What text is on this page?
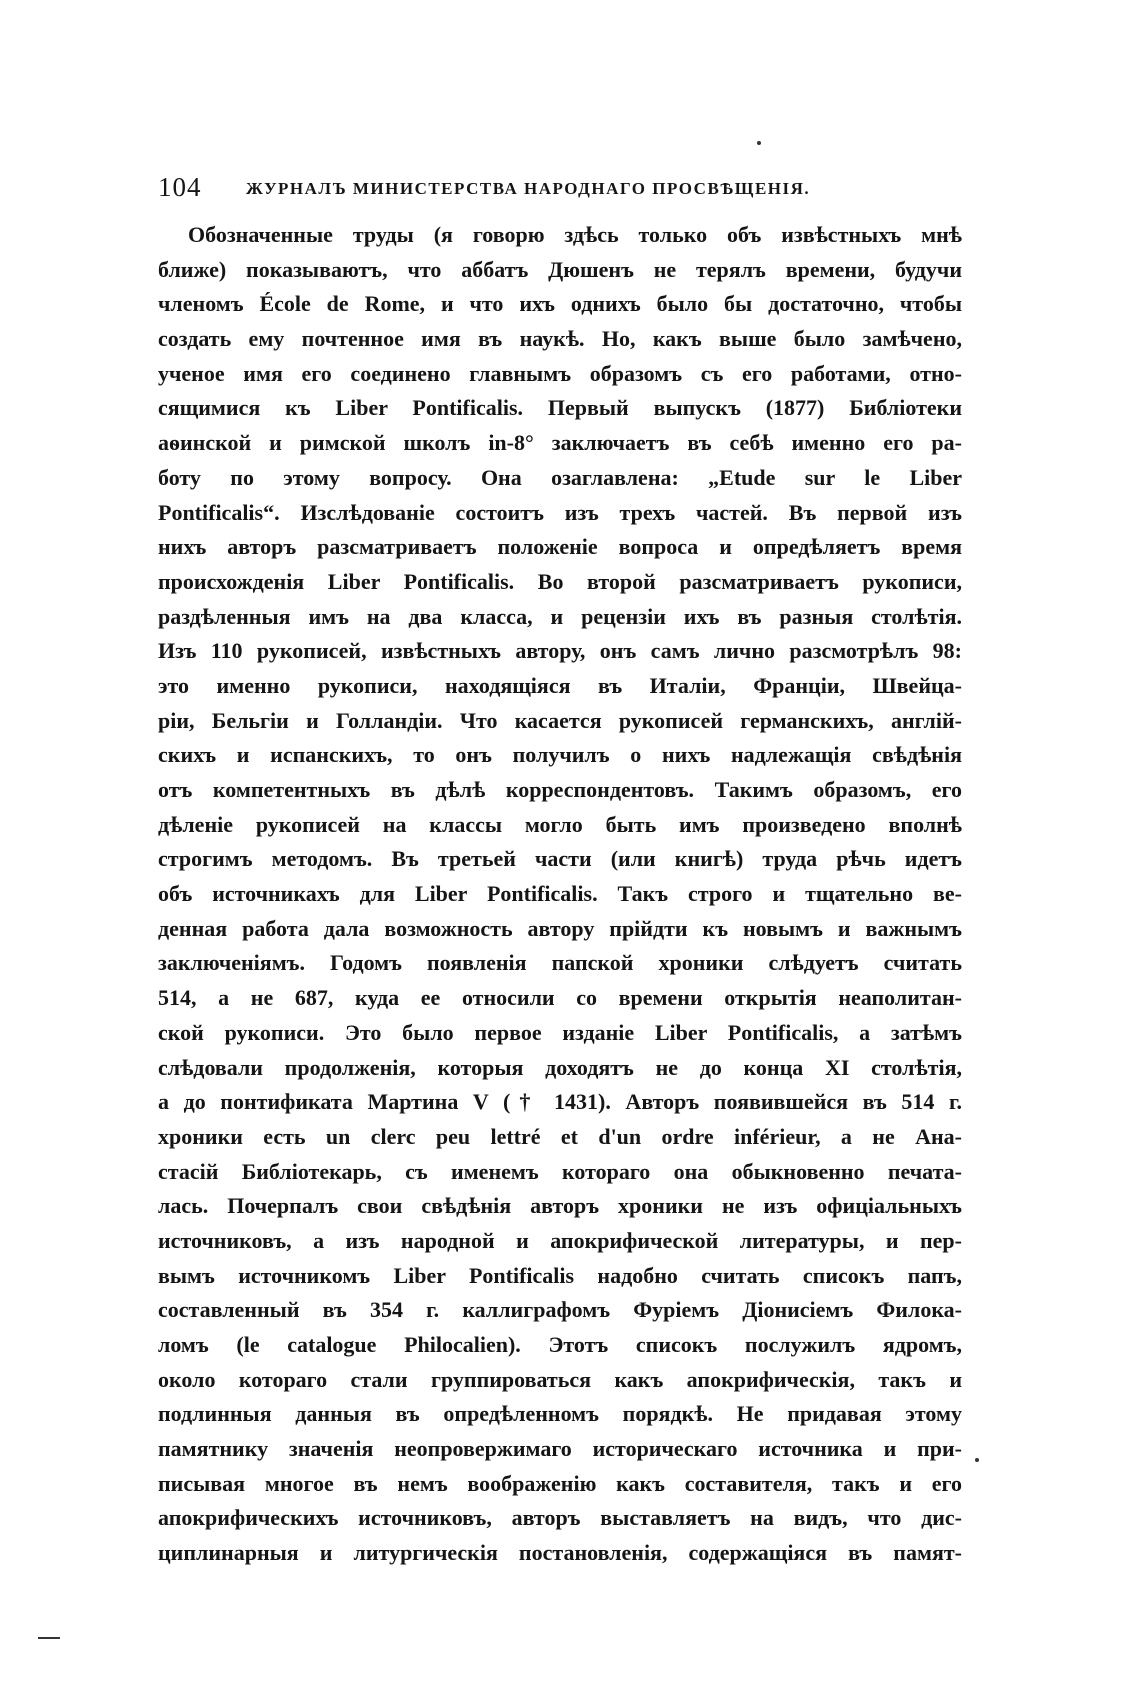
104	ЖУРНАЛЪ МИНИСТЕРСТВА НАРОДНАГО ПРОСВѢЩЕНІЯ.
Обозначенные труды (я говорю здѣсь только объ извѣстныхъ мнѣ
ближе) показываютъ, что аббатъ Дюшенъ не терялъ времени, будучи
членомъ École de Rome, и что ихъ однихъ было бы достаточно, чтобы
создать ему почтенное имя въ наукѣ. Но, какъ выше было замѣчено,
ученое имя его соединено главнымъ образомъ съ его работами, отно-
сящимися къ Liber Pontificalis. Первый выпускъ (1877) Библіотеки
аѳинской и римской школъ in-8° заключаетъ въ себѣ именно его ра-
боту по этому вопросу. Она озаглавлена: „Etude sur le Liber
Pontificalis“. Изслѣдованіе состоитъ изъ трехъ частей. Въ первой изъ
нихъ авторъ разсматриваетъ положеніе вопроса и опредѣляетъ время
происхожденія Liber Pontificalis. Во второй разсматриваетъ рукописи,
раздѣленныя имъ на два класса, и рецензіи ихъ въ разныя столѣтія.
Изъ 110 рукописей, извѣстныхъ автору, онъ самъ лично разсмотрѣлъ 98:
это именно рукописи, находящіяся въ Италіи, Франціи, Швейца-
ріи, Бельгіи и Голландіи. Что касается рукописей германскихъ, англій-
скихъ и испанскихъ, то онъ получилъ о нихъ надлежащія свѣдѣнія
отъ компетентныхъ въ дѣлѣ корреспондентовъ. Такимъ образомъ, его
дѣленіе рукописей на классы могло быть имъ произведено вполнѣ
строгимъ методомъ. Въ третьей части (или книгѣ) труда рѣчь идетъ
объ источникахъ для Liber Pontificalis. Такъ строго и тщательно ве-
денная работа дала возможность автору прійдти къ новымъ и важнымъ
заключеніямъ. Годомъ появленія папской хроники слѣдуетъ считать
514, а не 687, куда ее относили со времени открытія неаполитан-
ской рукописи. Это было первое изданіе Liber Pontificalis, а затѣмъ
слѣдовали продолженія, которыя доходятъ не до конца XI столѣтія,
а до понтификата Мартина V († 1431). Авторъ появившейся въ 514 г.
хроники есть un clerc peu lettré et d'un ordre inférieur, а не Ана-
стасій Библіотекарь, съ именемъ котораго она обыкновенно печата-
лась. Почерпалъ свои свѣдѣнія авторъ хроники не изъ офиціальныхъ
источниковъ, а изъ народной и апокрифической литературы, и пер-
вымъ источникомъ Liber Pontificalis надобно считать списокъ папъ,
составленный въ 354 г. каллиграфомъ Фуріемъ Діонисіемъ Филока-
ломъ (le catalogue Philocalien). Этотъ списокъ послужилъ ядромъ,
около котораго стали группироваться какъ апокрифическія, такъ и
подлинныя данныя въ опредѣленномъ порядкѣ. Не придавая этому
памятнику значенія неопровержимаго историческаго источника и при-
писывая многое въ немъ воображенію какъ составителя, такъ и его
апокрифическихъ источниковъ, авторъ выставляетъ на видъ, что дис-
циплинарныя и литургическія постановленія, содержащіяся въ памят-
